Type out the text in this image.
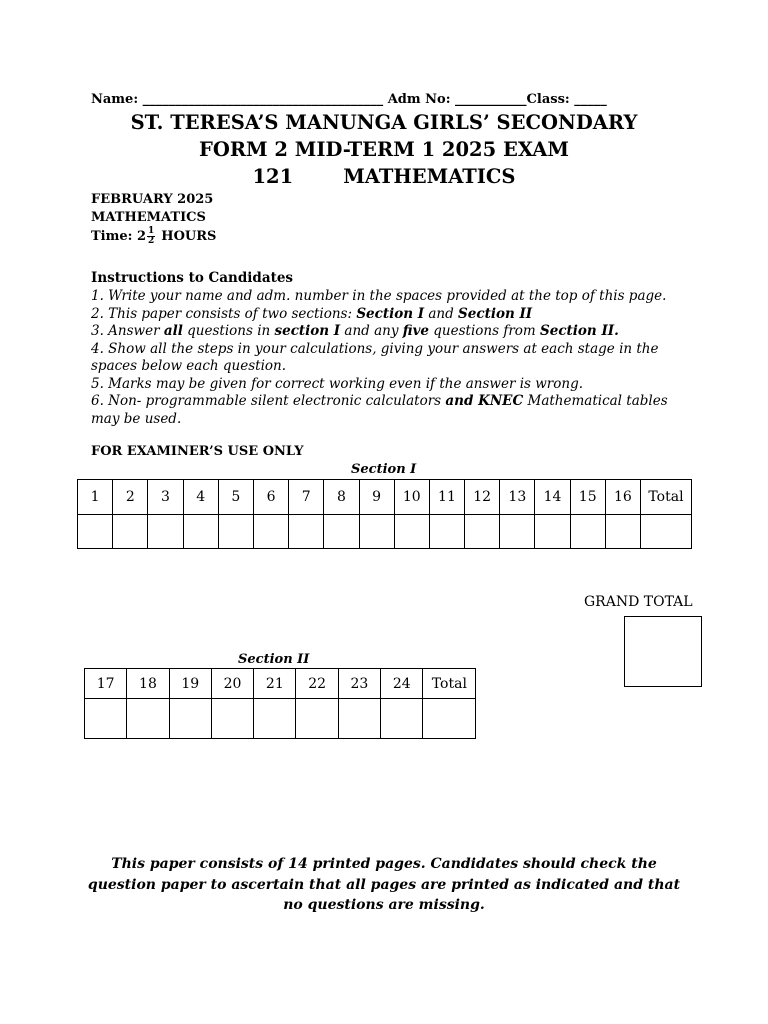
Name: _____________________________________ Adm No: ___________Class: _____
ST. TERESA’S MANUNGA GIRLS’ SECONDARY
FORM 2 MID-TERM 1 2025 EXAM
121	MATHEMATICS
FEBRUARY 2025
MATHEMATICS
Time: $2 \frac{1}{2}$ HOURS
Instructions to Candidates

1. Write your name and adm. number in the spaces provided at the top of this page.

2. This paper consists of two sections: Section I and Section II

3. Answer all questions in section I and any five questions from Section II.

4. Show all the steps in your calculations, giving your answers at each stage in the spaces below each question.

5. Marks may be given for correct working even if the answer is wrong.

6. Non- programmable silent electronic calculators and KNEC Mathematical tables may be used.

FOR EXAMINER’S USE ONLY
Section I
1	2	3	4	5	6	7	8	9	10	11	12	13	14	15	16	Total

GRAND TOTAL
Section II
17	18	19	20	21	22	23	24	Total

This paper consists of 14 printed pages. Candidates should check the

question paper to ascertain that all pages are printed as indicated and that

no questions are missing.
